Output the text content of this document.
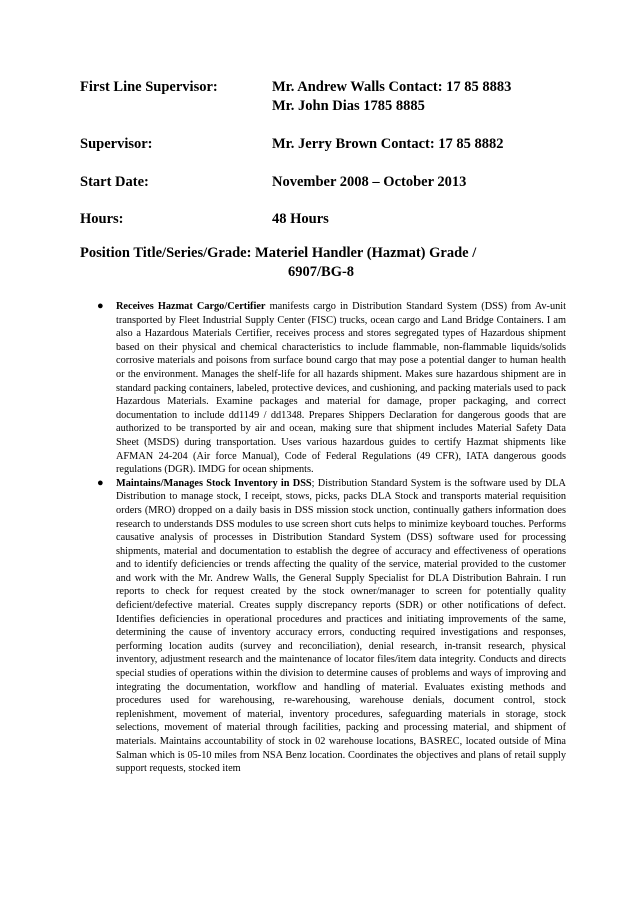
First Line Supervisor:	Mr. Andrew Walls Contact: 17 85 8883
Mr. John Dias 1785 8885
Supervisor:	Mr. Jerry Brown Contact: 17 85 8882
Start Date:	November 2008 – October 2013
Hours:	48 Hours
Position Title/Series/Grade: Materiel Handler (Hazmat) Grade /
6907/BG-8

● Receives Hazmat Cargo/Certifier manifests cargo in Distribution Standard System (DSS) from Av-unit transported by Fleet Industrial Supply Center (FISC) trucks, ocean cargo and Land Bridge Containers. I am also a Hazardous Materials Certifier, receives process and stores segregated types of Hazardous shipment based on their physical and chemical characteristics to include flammable, non-flammable liquids/solids corrosive materials and poisons from surface bound cargo that may pose a potential danger to human health or the environment. Manages the shelf-life for all hazards shipment. Makes sure hazardous shipment are in standard packing containers, labeled, protective devices, and cushioning, and packing materials used to pack Hazardous Materials. Examine packages and material for damage, proper packaging, and correct documentation to include dd1149 / dd1348. Prepares Shippers Declaration for dangerous goods that are authorized to be transported by air and ocean, making sure that shipment includes Material Safety Data Sheet (MSDS) during transportation. Uses various hazardous guides to certify Hazmat shipments like AFMAN 24-204 (Air force Manual), Code of Federal Regulations (49 CFR), IATA dangerous goods regulations (DGR). IMDG for ocean shipments.

● Maintains/Manages Stock Inventory in DSS; Distribution Standard System is the software used by DLA Distribution to manage stock, I receipt, stows, picks, packs DLA Stock and transports material requisition orders (MRO) dropped on a daily basis in DSS mission stock unction, continually gathers information does research to understands DSS modules to use screen short cuts helps to minimize keyboard touches. Performs causative analysis of processes in Distribution Standard System (DSS) software used for processing shipments, material and documentation to establish the degree of accuracy and effectiveness of operations and to identify deficiencies or trends affecting the quality of the service, material provided to the customer and work with the Mr. Andrew Walls, the General Supply Specialist for DLA Distribution Bahrain. I run reports to check for request created by the stock owner/manager to screen for potentially quality deficient/defective material. Creates supply discrepancy reports (SDR) or other notifications of defect. Identifies deficiencies in operational procedures and practices and initiating improvements of the same, determining the cause of inventory accuracy errors, conducting required investigations and responses, performing location audits (survey and reconciliation), denial research, in-transit research, physical inventory, adjustment research and the maintenance of locator files/item data integrity. Conducts and directs special studies of operations within the division to determine causes of problems and ways of improving and integrating the documentation, workflow and handling of material. Evaluates existing methods and procedures used for warehousing, re-warehousing, warehouse denials, document control, stock replenishment, movement of material, inventory procedures, safeguarding materials in storage, stock selections, movement of material through facilities, packing and processing material, and shipment of materials. Maintains accountability of stock in 02 warehouse locations, BASREC, located outside of Mina Salman which is 05-10 miles from NSA Benz location. Coordinates the objectives and plans of retail supply support requests, stocked item
